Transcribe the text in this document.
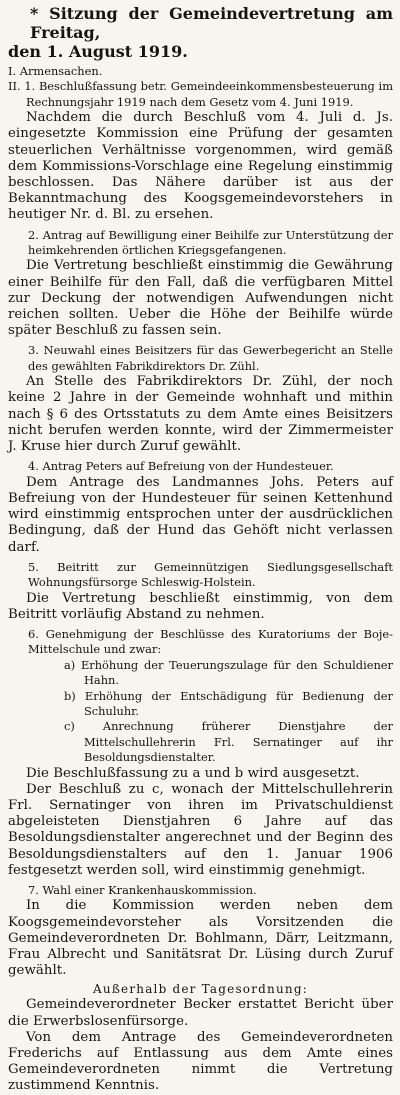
* Sitzung der Gemeindevertretung am Freitag,
den 1. August 1919.

I. Armensachen.

II. 1. Beschlußfassung betr. Gemeindeeinkommensbesteuerung im Rechnungsjahr 1919 nach dem Gesetz vom 4. Juni 1919.

Nachdem die durch Beschluß vom 4. Juli d. Js. eingesetzte Kommission eine Prüfung der gesamten steuerlichen Verhältnisse vorgenommen, wird gemäß dem Kommissions-Vorschlage eine Regelung einstimmig beschlossen. Das Nähere darüber ist aus der Bekanntmachung des Koogsgemeindevorstehers in heutiger Nr. d. Bl. zu ersehen.

2. Antrag auf Bewilligung einer Beihilfe zur Unterstützung der heimkehrenden örtlichen Kriegsgefangenen.

Die Vertretung beschließt einstimmig die Gewährung einer Beihilfe für den Fall, daß die verfügbaren Mittel zur Deckung der notwendigen Aufwendungen nicht reichen sollten. Ueber die Höhe der Beihilfe würde später Beschluß zu fassen sein.

3. Neuwahl eines Beisitzers für das Gewerbegericht an Stelle des gewählten Fabrikdirektors Dr. Zühl.

An Stelle des Fabrikdirektors Dr. Zühl, der noch keine 2 Jahre in der Gemeinde wohnhaft und mithin nach § 6 des Ortsstatuts zu dem Amte eines Beisitzers nicht berufen werden konnte, wird der Zimmermeister J. Kruse hier durch Zuruf gewählt.

4. Antrag Peters auf Befreiung von der Hundesteuer.

Dem Antrage des Landmannes Johs. Peters auf Befreiung von der Hundesteuer für seinen Kettenhund wird einstimmig entsprochen unter der ausdrücklichen Bedingung, daß der Hund das Gehöft nicht verlassen darf.

5. Beitritt zur Gemeinnützigen Siedlungsgesellschaft Wohnungsfürsorge Schleswig-Holstein.

Die Vertretung beschließt einstimmig, von dem Beitritt vorläufig Abstand zu nehmen.

6. Genehmigung der Beschlüsse des Kuratoriums der Boje-Mittelschule und zwar:

a) Erhöhung der Teuerungszulage für den Schuldiener Hahn.

b) Erhöhung der Entschädigung für Bedienung der Schuluhr.

c) Anrechnung früherer Dienstjahre der Mittelschullehrerin Frl. Sernatinger auf ihr Besoldungsdienstalter.

Die Beschlußfassung zu a und b wird ausgesetzt.

Der Beschluß zu c, wonach der Mittelschullehrerin Frl. Sernatinger von ihren im Privatschuldienst abgeleisteten Dienstjahren 6 Jahre auf das Besoldungsdienstalter angerechnet und der Beginn des Besoldungsdienstalters auf den 1. Januar 1906 festgesetzt werden soll, wird einstimmig genehmigt.

7. Wahl einer Krankenhauskommission.

In die Kommission werden neben dem Koogsgemeindevorsteher als Vorsitzenden die Gemeindeverordneten Dr. Bohlmann, Därr, Leitzmann, Frau Albrecht und Sanitätsrat Dr. Lüsing durch Zuruf gewählt.

Außerhalb der Tagesordnung:

Gemeindeverordneter Becker erstattet Bericht über die Erwerbslosenfürsorge.

Von dem Antrage des Gemeindeverordneten Frederichs auf Entlassung aus dem Amte eines Gemeindeverordneten nimmt die Vertretung zustimmend Kenntnis.
